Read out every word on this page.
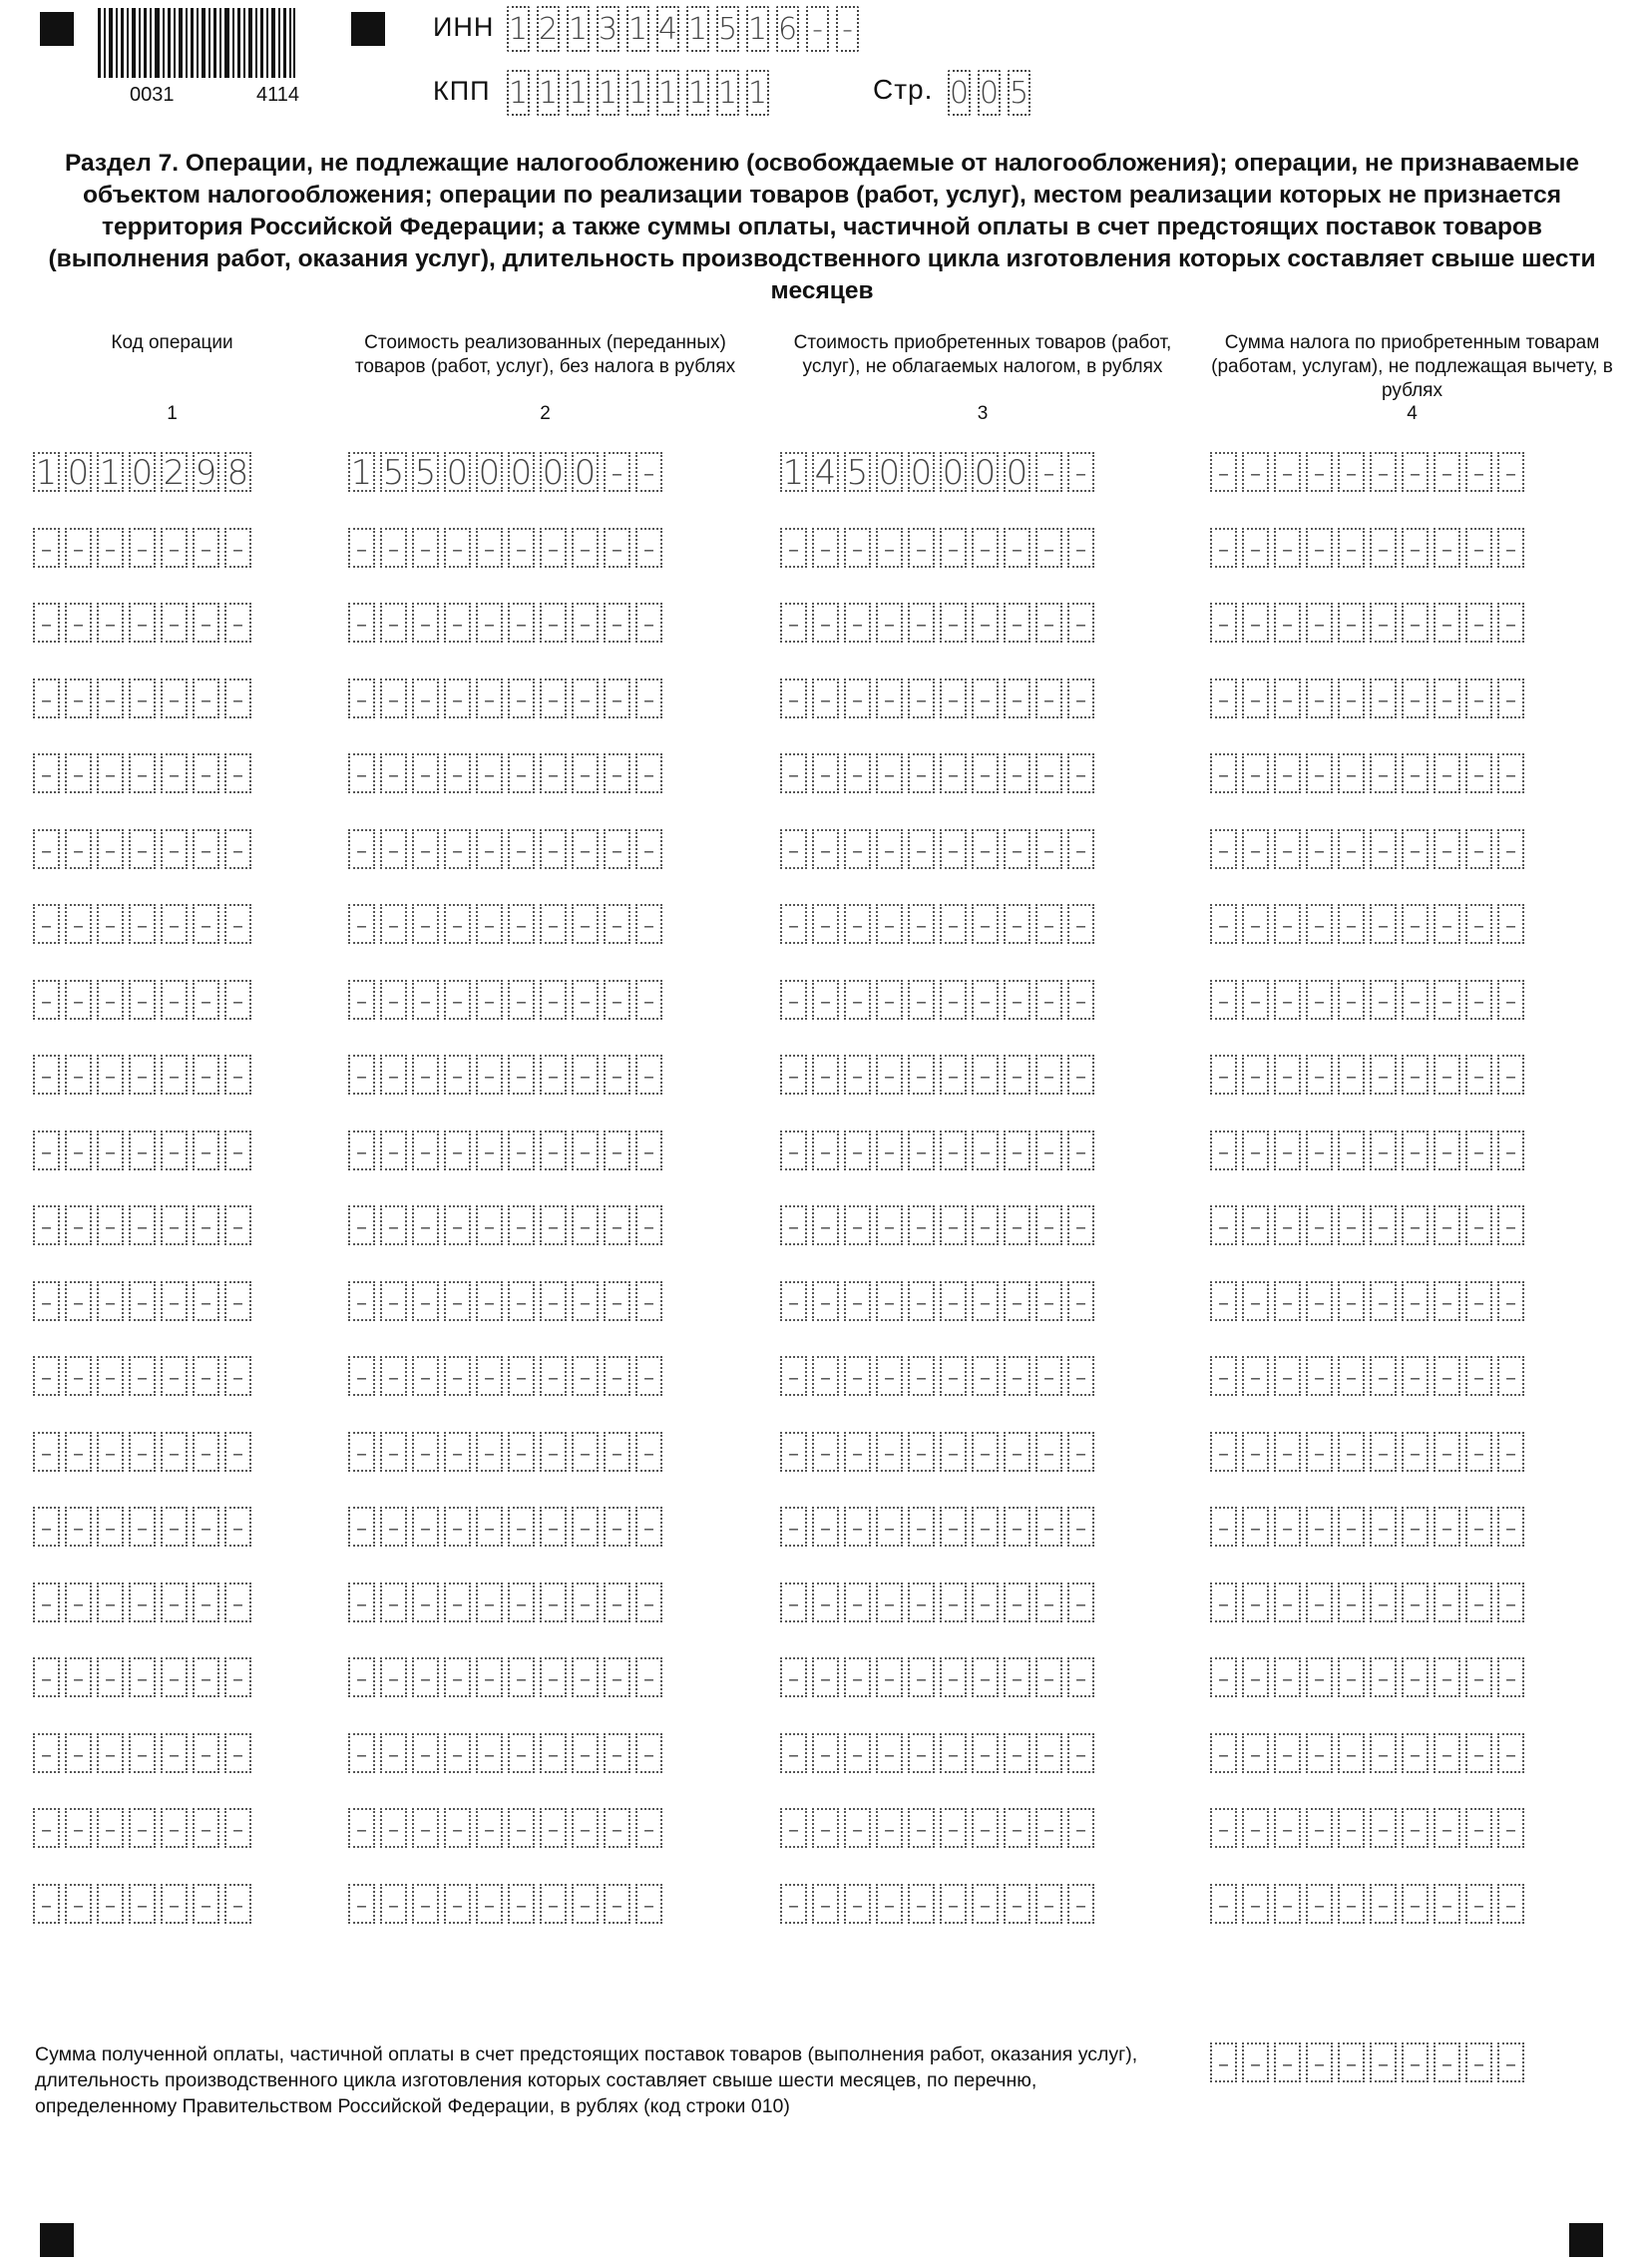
0031	4114
ИНН 1 2 1 3 1 4 1 5 1 6 - -
КПП 1 1 1 1 1 1 1 1 1	Стр. 0 0 5
Раздел 7. Операции, не подлежащие налогообложению (освобождаемые от налогообложения); операции, не признаваемые объектом налогообложения; операции по реализации товаров (работ, услуг), местом реализации которых не признается территория Российской Федерации; а также суммы оплаты, частичной оплаты в счет предстоящих поставок товаров (выполнения работ, оказания услуг), длительность производственного цикла изготовления которых составляет свыше шести месяцев
Код операции
1
Стоимость реализованных (переданных) товаров (работ, услуг), без налога в рублях
2
Стоимость приобретенных товаров (работ, услуг), не облагаемых налогом, в рублях
3
Сумма налога по приобретенным товарам (работам, услугам), не подлежащая вычету, в рублях
4
1 0 1 0 2 9 8	1 5 5 0 0 0 0 0 - -	1 4 5 0 0 0 0 0 - -	- - - - - - - - - -
- - - - - - -	- - - - - - - - - -	- - - - - - - - - -	- - - - - - - - - -
- - - - - - -	- - - - - - - - - -	- - - - - - - - - -	- - - - - - - - - -
- - - - - - -	- - - - - - - - - -	- - - - - - - - - -	- - - - - - - - - -
- - - - - - -	- - - - - - - - - -	- - - - - - - - - -	- - - - - - - - - -
- - - - - - -	- - - - - - - - - -	- - - - - - - - - -	- - - - - - - - - -
- - - - - - -	- - - - - - - - - -	- - - - - - - - - -	- - - - - - - - - -
- - - - - - -	- - - - - - - - - -	- - - - - - - - - -	- - - - - - - - - -
- - - - - - -	- - - - - - - - - -	- - - - - - - - - -	- - - - - - - - - -
- - - - - - -	- - - - - - - - - -	- - - - - - - - - -	- - - - - - - - - -
- - - - - - -	- - - - - - - - - -	- - - - - - - - - -	- - - - - - - - - -
- - - - - - -	- - - - - - - - - -	- - - - - - - - - -	- - - - - - - - - -
- - - - - - -	- - - - - - - - - -	- - - - - - - - - -	- - - - - - - - - -
- - - - - - -	- - - - - - - - - -	- - - - - - - - - -	- - - - - - - - - -
- - - - - - -	- - - - - - - - - -	- - - - - - - - - -	- - - - - - - - - -
- - - - - - -	- - - - - - - - - -	- - - - - - - - - -	- - - - - - - - - -
- - - - - - -	- - - - - - - - - -	- - - - - - - - - -	- - - - - - - - - -
- - - - - - -	- - - - - - - - - -	- - - - - - - - - -	- - - - - - - - - -
- - - - - - -	- - - - - - - - - -	- - - - - - - - - -	- - - - - - - - - -
- - - - - - -	- - - - - - - - - -	- - - - - - - - - -	- - - - - - - - - -
Сумма полученной оплаты, частичной оплаты в счет предстоящих поставок товаров (выполнения работ, оказания услуг), длительность производственного цикла изготовления которых составляет свыше шести месяцев, по перечню, определенному Правительством Российской Федерации, в рублях (код строки 010)
- - - - - - - - - -
